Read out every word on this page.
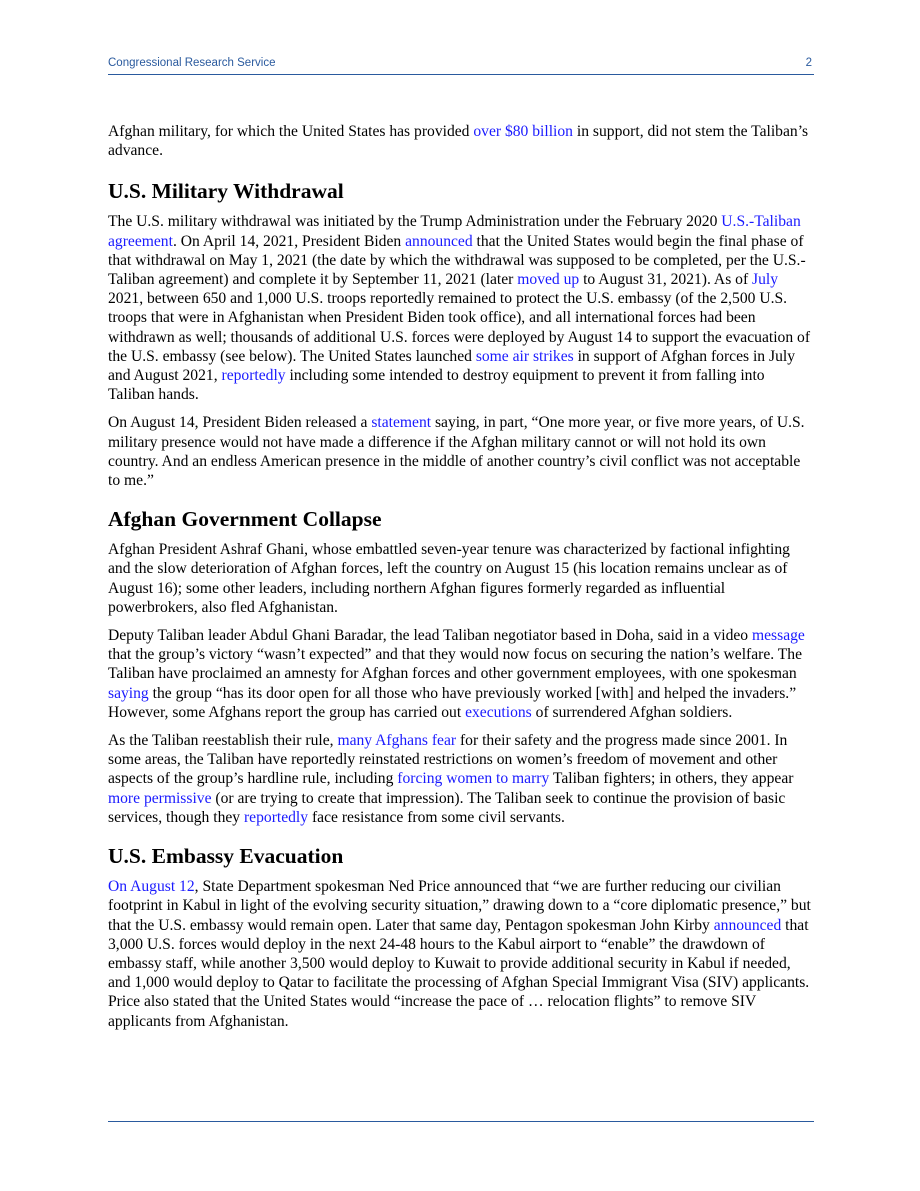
Congressional Research Service	2

Afghan military, for which the United States has provided over $80 billion in support, did not stem the Taliban’s advance.

U.S. Military Withdrawal

The U.S. military withdrawal was initiated by the Trump Administration under the February 2020 U.S.-Taliban agreement. On April 14, 2021, President Biden announced that the United States would begin the final phase of that withdrawal on May 1, 2021 (the date by which the withdrawal was supposed to be completed, per the U.S.-Taliban agreement) and complete it by September 11, 2021 (later moved up to August 31, 2021). As of July 2021, between 650 and 1,000 U.S. troops reportedly remained to protect the U.S. embassy (of the 2,500 U.S. troops that were in Afghanistan when President Biden took office), and all international forces had been withdrawn as well; thousands of additional U.S. forces were deployed by August 14 to support the evacuation of the U.S. embassy (see below). The United States launched some air strikes in support of Afghan forces in July and August 2021, reportedly including some intended to destroy equipment to prevent it from falling into Taliban hands.

On August 14, President Biden released a statement saying, in part, “One more year, or five more years, of U.S. military presence would not have made a difference if the Afghan military cannot or will not hold its own country. And an endless American presence in the middle of another country’s civil conflict was not acceptable to me.”

Afghan Government Collapse

Afghan President Ashraf Ghani, whose embattled seven-year tenure was characterized by factional infighting and the slow deterioration of Afghan forces, left the country on August 15 (his location remains unclear as of August 16); some other leaders, including northern Afghan figures formerly regarded as influential powerbrokers, also fled Afghanistan.

Deputy Taliban leader Abdul Ghani Baradar, the lead Taliban negotiator based in Doha, said in a video message that the group’s victory “wasn’t expected” and that they would now focus on securing the nation’s welfare. The Taliban have proclaimed an amnesty for Afghan forces and other government employees, with one spokesman saying the group “has its door open for all those who have previously worked [with] and helped the invaders.” However, some Afghans report the group has carried out executions of surrendered Afghan soldiers.

As the Taliban reestablish their rule, many Afghans fear for their safety and the progress made since 2001. In some areas, the Taliban have reportedly reinstated restrictions on women’s freedom of movement and other aspects of the group’s hardline rule, including forcing women to marry Taliban fighters; in others, they appear more permissive (or are trying to create that impression). The Taliban seek to continue the provision of basic services, though they reportedly face resistance from some civil servants.

U.S. Embassy Evacuation

On August 12, State Department spokesman Ned Price announced that “we are further reducing our civilian footprint in Kabul in light of the evolving security situation,” drawing down to a “core diplomatic presence,” but that the U.S. embassy would remain open. Later that same day, Pentagon spokesman John Kirby announced that 3,000 U.S. forces would deploy in the next 24-48 hours to the Kabul airport to “enable” the drawdown of embassy staff, while another 3,500 would deploy to Kuwait to provide additional security in Kabul if needed, and 1,000 would deploy to Qatar to facilitate the processing of Afghan Special Immigrant Visa (SIV) applicants. Price also stated that the United States would “increase the pace of … relocation flights” to remove SIV applicants from Afghanistan.
